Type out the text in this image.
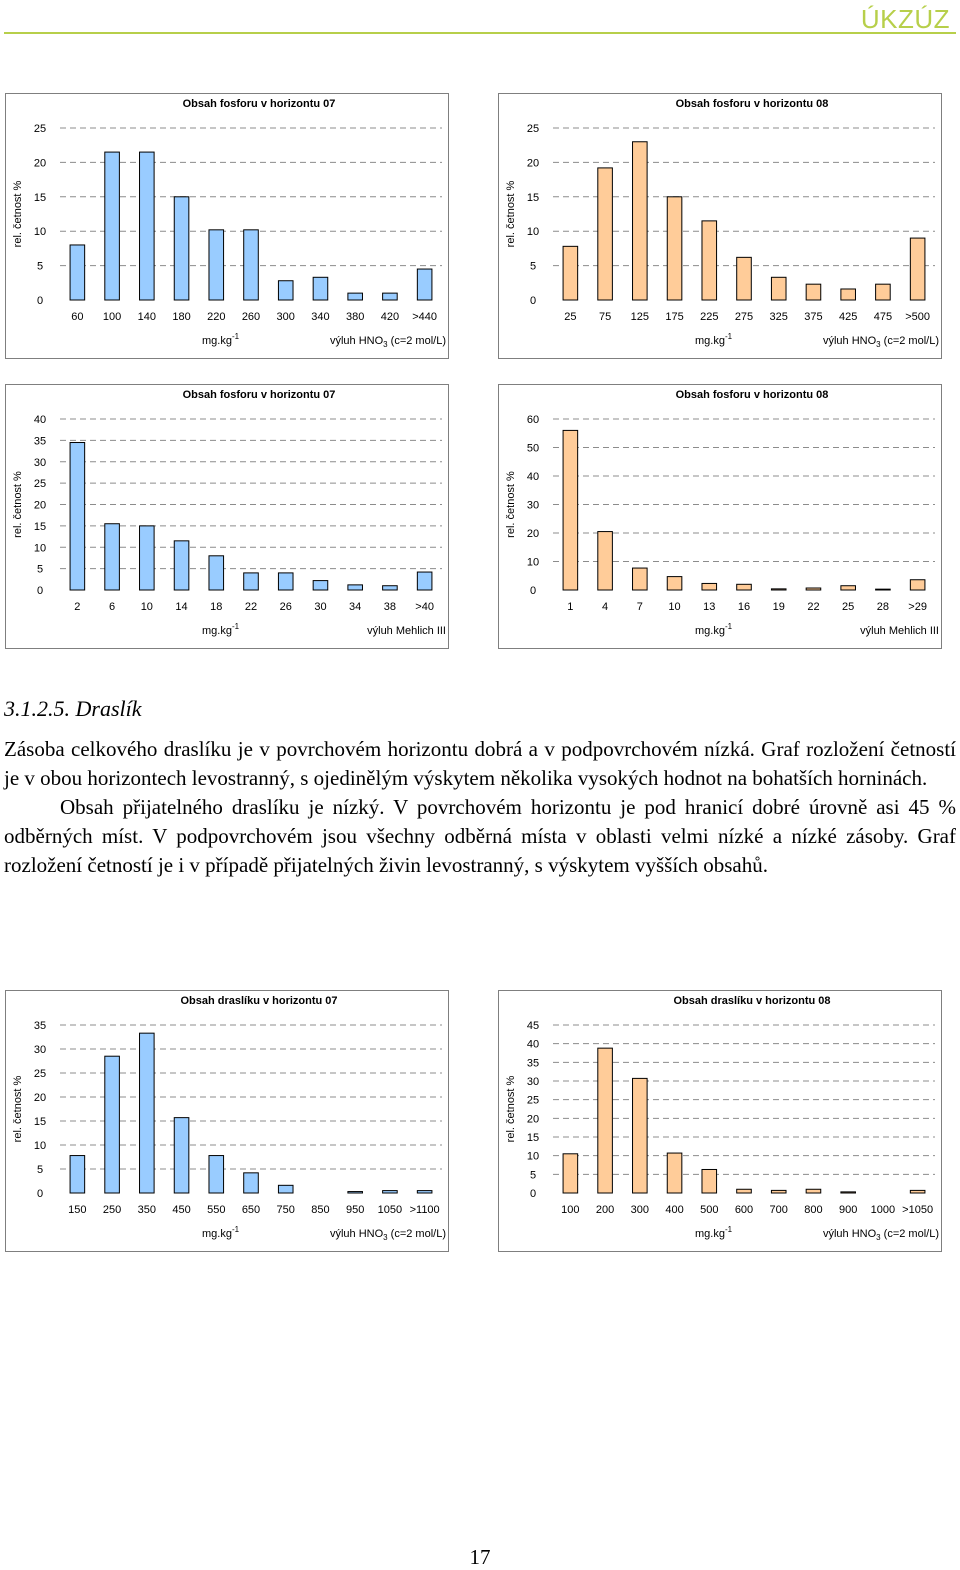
ÚKZÚZ
Obsah fosforu v horizontu 07
rel. četnost %
0
5
10
15
20
25
60 100 140 180 220 260 300 340 380 420 >440
$mg.kg^{-1}$	výluh $HNO_3$ (c=2 mol/L)
Obsah fosforu v horizontu 08
rel. četnost %
0
5
10
15
20
25
25 75 125 175 225 275 325 375 425 475 >500
$mg.kg^{-1}$	výluh $HNO_3$ (c=2 mol/L)
Obsah fosforu v horizontu 07
rel. četnost %
0
5
10
15
20
25
30
35
40
2	6 10 14 18 22 26 30 34 38 >40
$mg.kg^{-1}$	výluh Mehlich III
Obsah fosforu v horizontu 08
rel. četnost %
0
10
20
30
40
50
60
1	4	7 10 13 16 19 22 25 28 >29
$mg.kg^{-1}$	výluh Mehlich III

3.1.2.5. Draslík

Zásoba celkového draslíku je v povrchovém horizontu dobrá a v podpovrchovém nízká. Graf rozložení četností je v obou horizontech levostranný, s ojedinělým výskytem několika vysokých hodnot na bohatších horninách.

Obsah přijatelného draslíku je nízký. V povrchovém horizontu je pod hranicí dobré úrovně asi 45 % odběrných míst. V podpovrchovém jsou všechny odběrná místa v oblasti velmi nízké a nízké zásoby. Graf rozložení četností je i v případě přijatelných živin levostranný, s výskytem vyšších obsahů.

Obsah draslíku v horizontu 07
rel. četnost %
0
5
10
15
20
25
30
35
150 250 350 450 550 650 750 850 950 1050 >1100
$mg.kg^{-1}$	výluh $HNO_3$ (c=2 mol/L)
Obsah draslíku v horizontu 08
rel. četnost %
0
5
10
15
20
25
30
35
40
45
100 200 300 400 500 600 700 800 900 1000 >1050
$mg.kg^{-1}$	výluh $HNO_3$ (c=2 mol/L)
17
